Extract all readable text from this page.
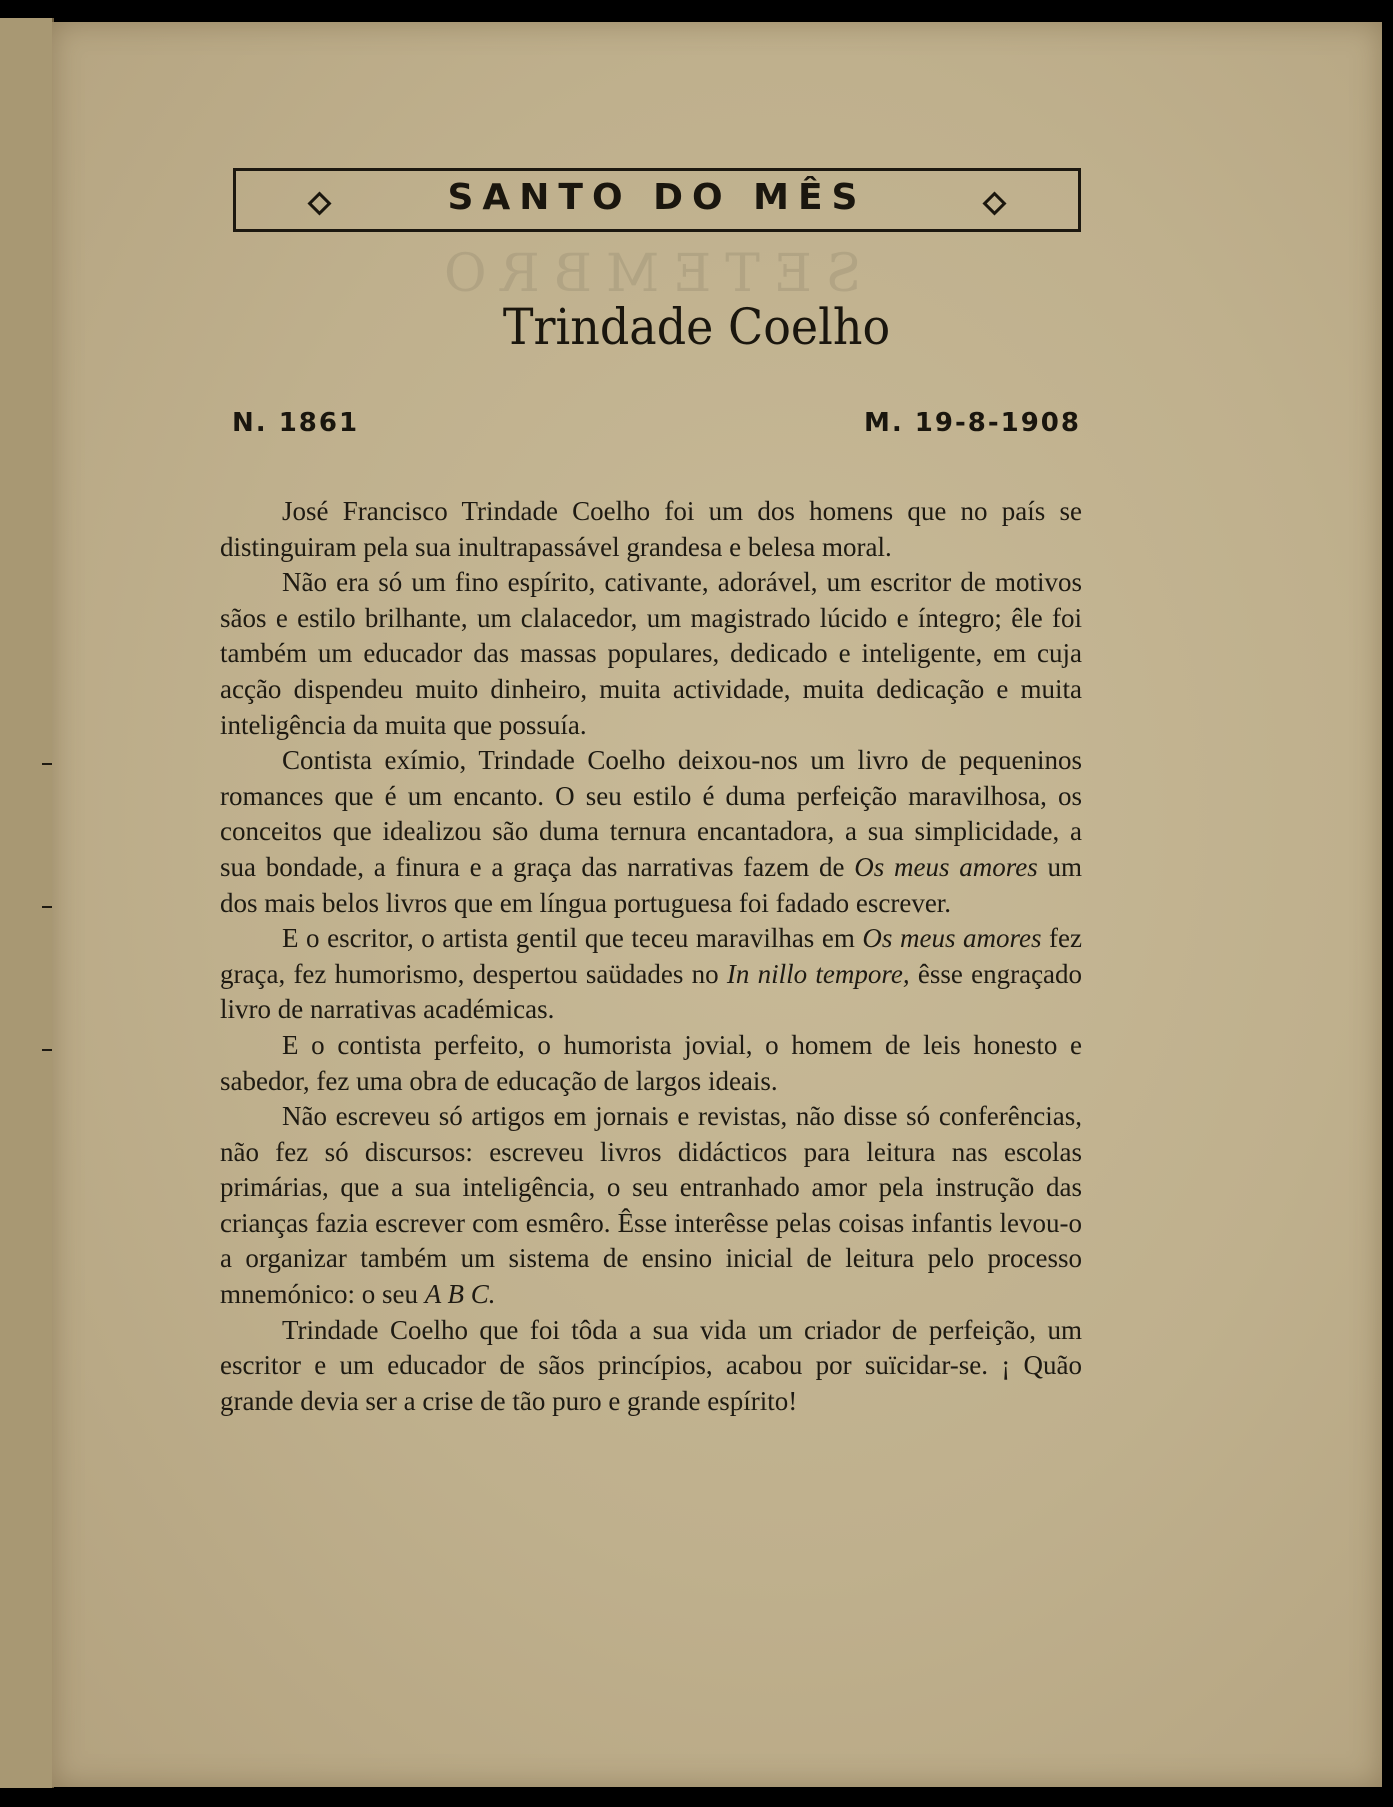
SETEMBRO
SANTO DO MÊS
Trindade Coelho
N. 1861	M. 19-8-1908

José Francisco Trindade Coelho foi um dos homens que no país se distinguiram pela sua inultrapassável grandesa e belesa moral.

Não era só um fino espírito, cativante, adorável, um escritor de motivos sãos e estilo brilhante, um clalacedor, um magistrado lúcido e íntegro; êle foi também um educador das massas populares, dedicado e inteligente, em cuja acção dispendeu muito dinheiro, muita actividade, muita dedicação e muita inteligência da muita que possuía.

Contista exímio, Trindade Coelho deixou-nos um livro de pequeninos romances que é um encanto. O seu estilo é duma perfeição maravilhosa, os conceitos que idealizou são duma ternura encantadora, a sua simplicidade, a sua bondade, a finura e a graça das narrativas fazem de Os meus amores um dos mais belos livros que em língua portuguesa foi fadado escrever.

E o escritor, o artista gentil que teceu maravilhas em Os meus amores fez graça, fez humorismo, despertou saüdades no In nillo tempore, êsse engraçado livro de narrativas académicas.

E o contista perfeito, o humorista jovial, o homem de leis honesto e sabedor, fez uma obra de educação de largos ideais.

Não escreveu só artigos em jornais e revistas, não disse só conferências, não fez só discursos: escreveu livros didácticos para leitura nas escolas primárias, que a sua inteligência, o seu entranhado amor pela instrução das crianças fazia escrever com esmêro. Êsse interêsse pelas coisas infantis levou-o a organizar também um sistema de ensino inicial de leitura pelo processo mnemónico: o seu A B C.

Trindade Coelho que foi tôda a sua vida um criador de perfeição, um escritor e um educador de sãos princípios, acabou por suïcidar-se. ¡ Quão grande devia ser a crise de tão puro e grande espírito!
